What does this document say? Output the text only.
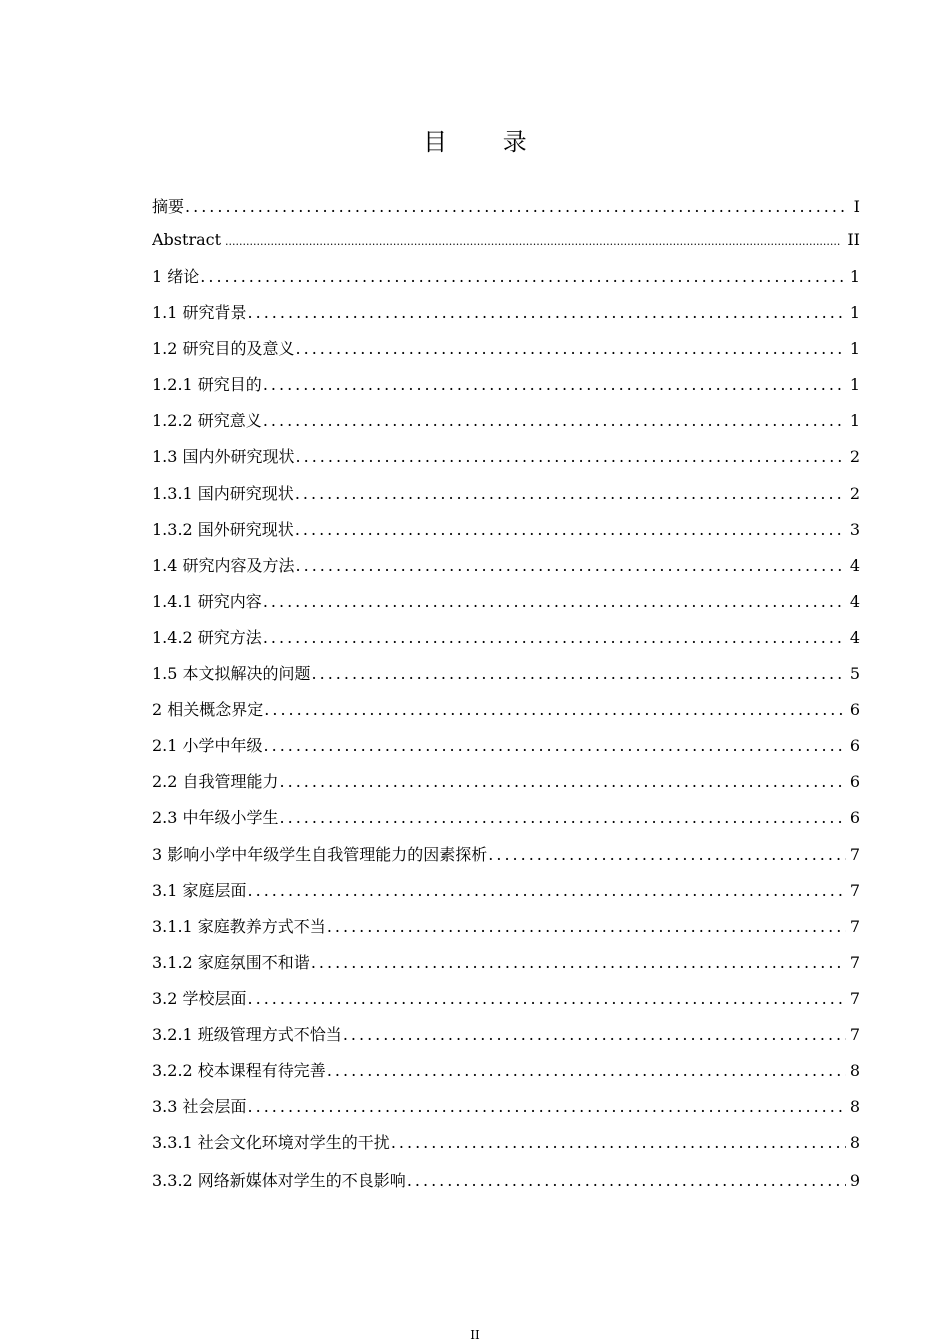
目 录
摘要 .....	I
Abstract .....	II
1 绪论 .....	1
1.1 研究背景 .....	1
1.2 研究目的及意义 .....	1
1.2.1 研究目的 .....	1
1.2.2 研究意义 .....	1
1.3 国内外研究现状 .....	2
1.3.1 国内研究现状 .....	2
1.3.2 国外研究现状 .....	3
1.4 研究内容及方法 .....	4
1.4.1 研究内容 .....	4
1.4.2 研究方法 .....	4
1.5 本文拟解决的问题 .....	5
2 相关概念界定 .....	6
2.1 小学中年级 .....	6
2.2 自我管理能力 .....	6
2.3 中年级小学生 .....	6
3 影响小学中年级学生自我管理能力的因素探析 .....	7
3.1 家庭层面 .....	7
3.1.1 家庭教养方式不当 .....	7
3.1.2 家庭氛围不和谐 .....	7
3.2 学校层面 .....	7
3.2.1 班级管理方式不恰当 .....	7
3.2.2 校本课程有待完善 .....	8
3.3 社会层面 .....	8
3.3.1 社会文化环境对学生的干扰 .....	8
3.3.2 网络新媒体对学生的不良影响 .....	9
II
